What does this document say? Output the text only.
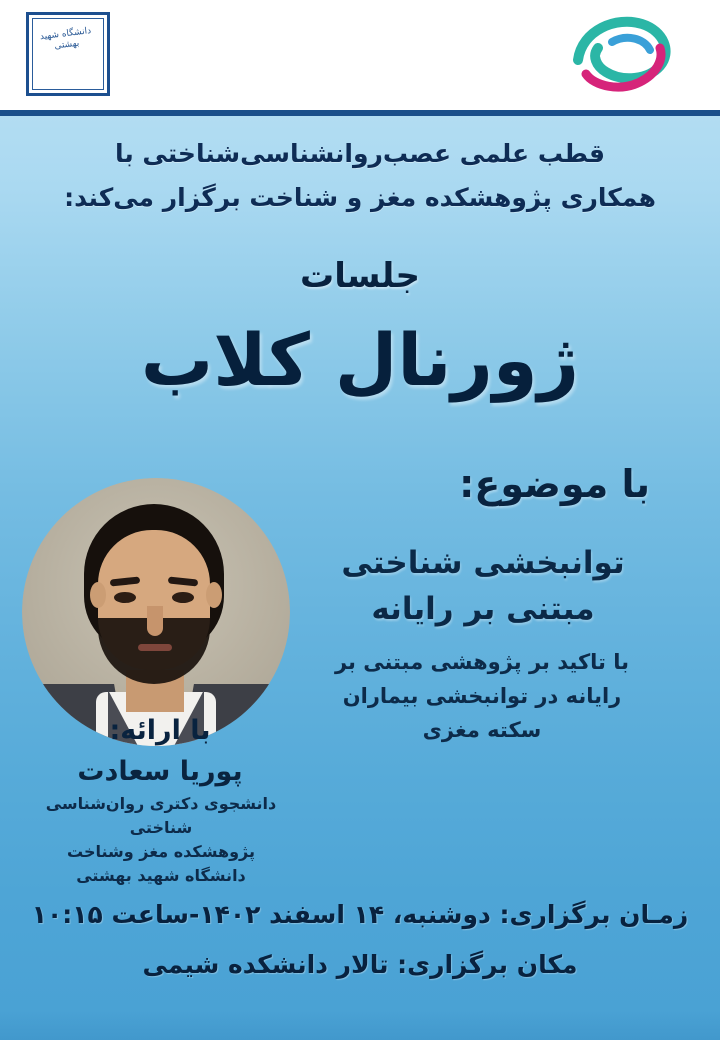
دانشگاه شهید بهشتی
قطب علمی عصب‌روانشناسی‌شناختی با
همکاری پژوهشکده مغز و شناخت برگزار می‌کند:
جلسات
ژورنال کلاب
با موضوع:
توانبخشی شناختی
مبتنی بر رایانه
با تاکید بر پژوهشی مبتنی بر
رایانه در توانبخشی بیماران
سکته مغزی
با ارائه:
پوریا سعادت
دانشجوی دکتری روان‌شناسی شناختی
پژوهشکده مغز وشناخت
دانشگاه شهید بهشتی
زمـان برگزاری: دوشنبه، ۱۴ اسفند ۱۴۰۲-ساعت ۱۰:۱۵
مکان برگزاری: تالار دانشکده شیمی
